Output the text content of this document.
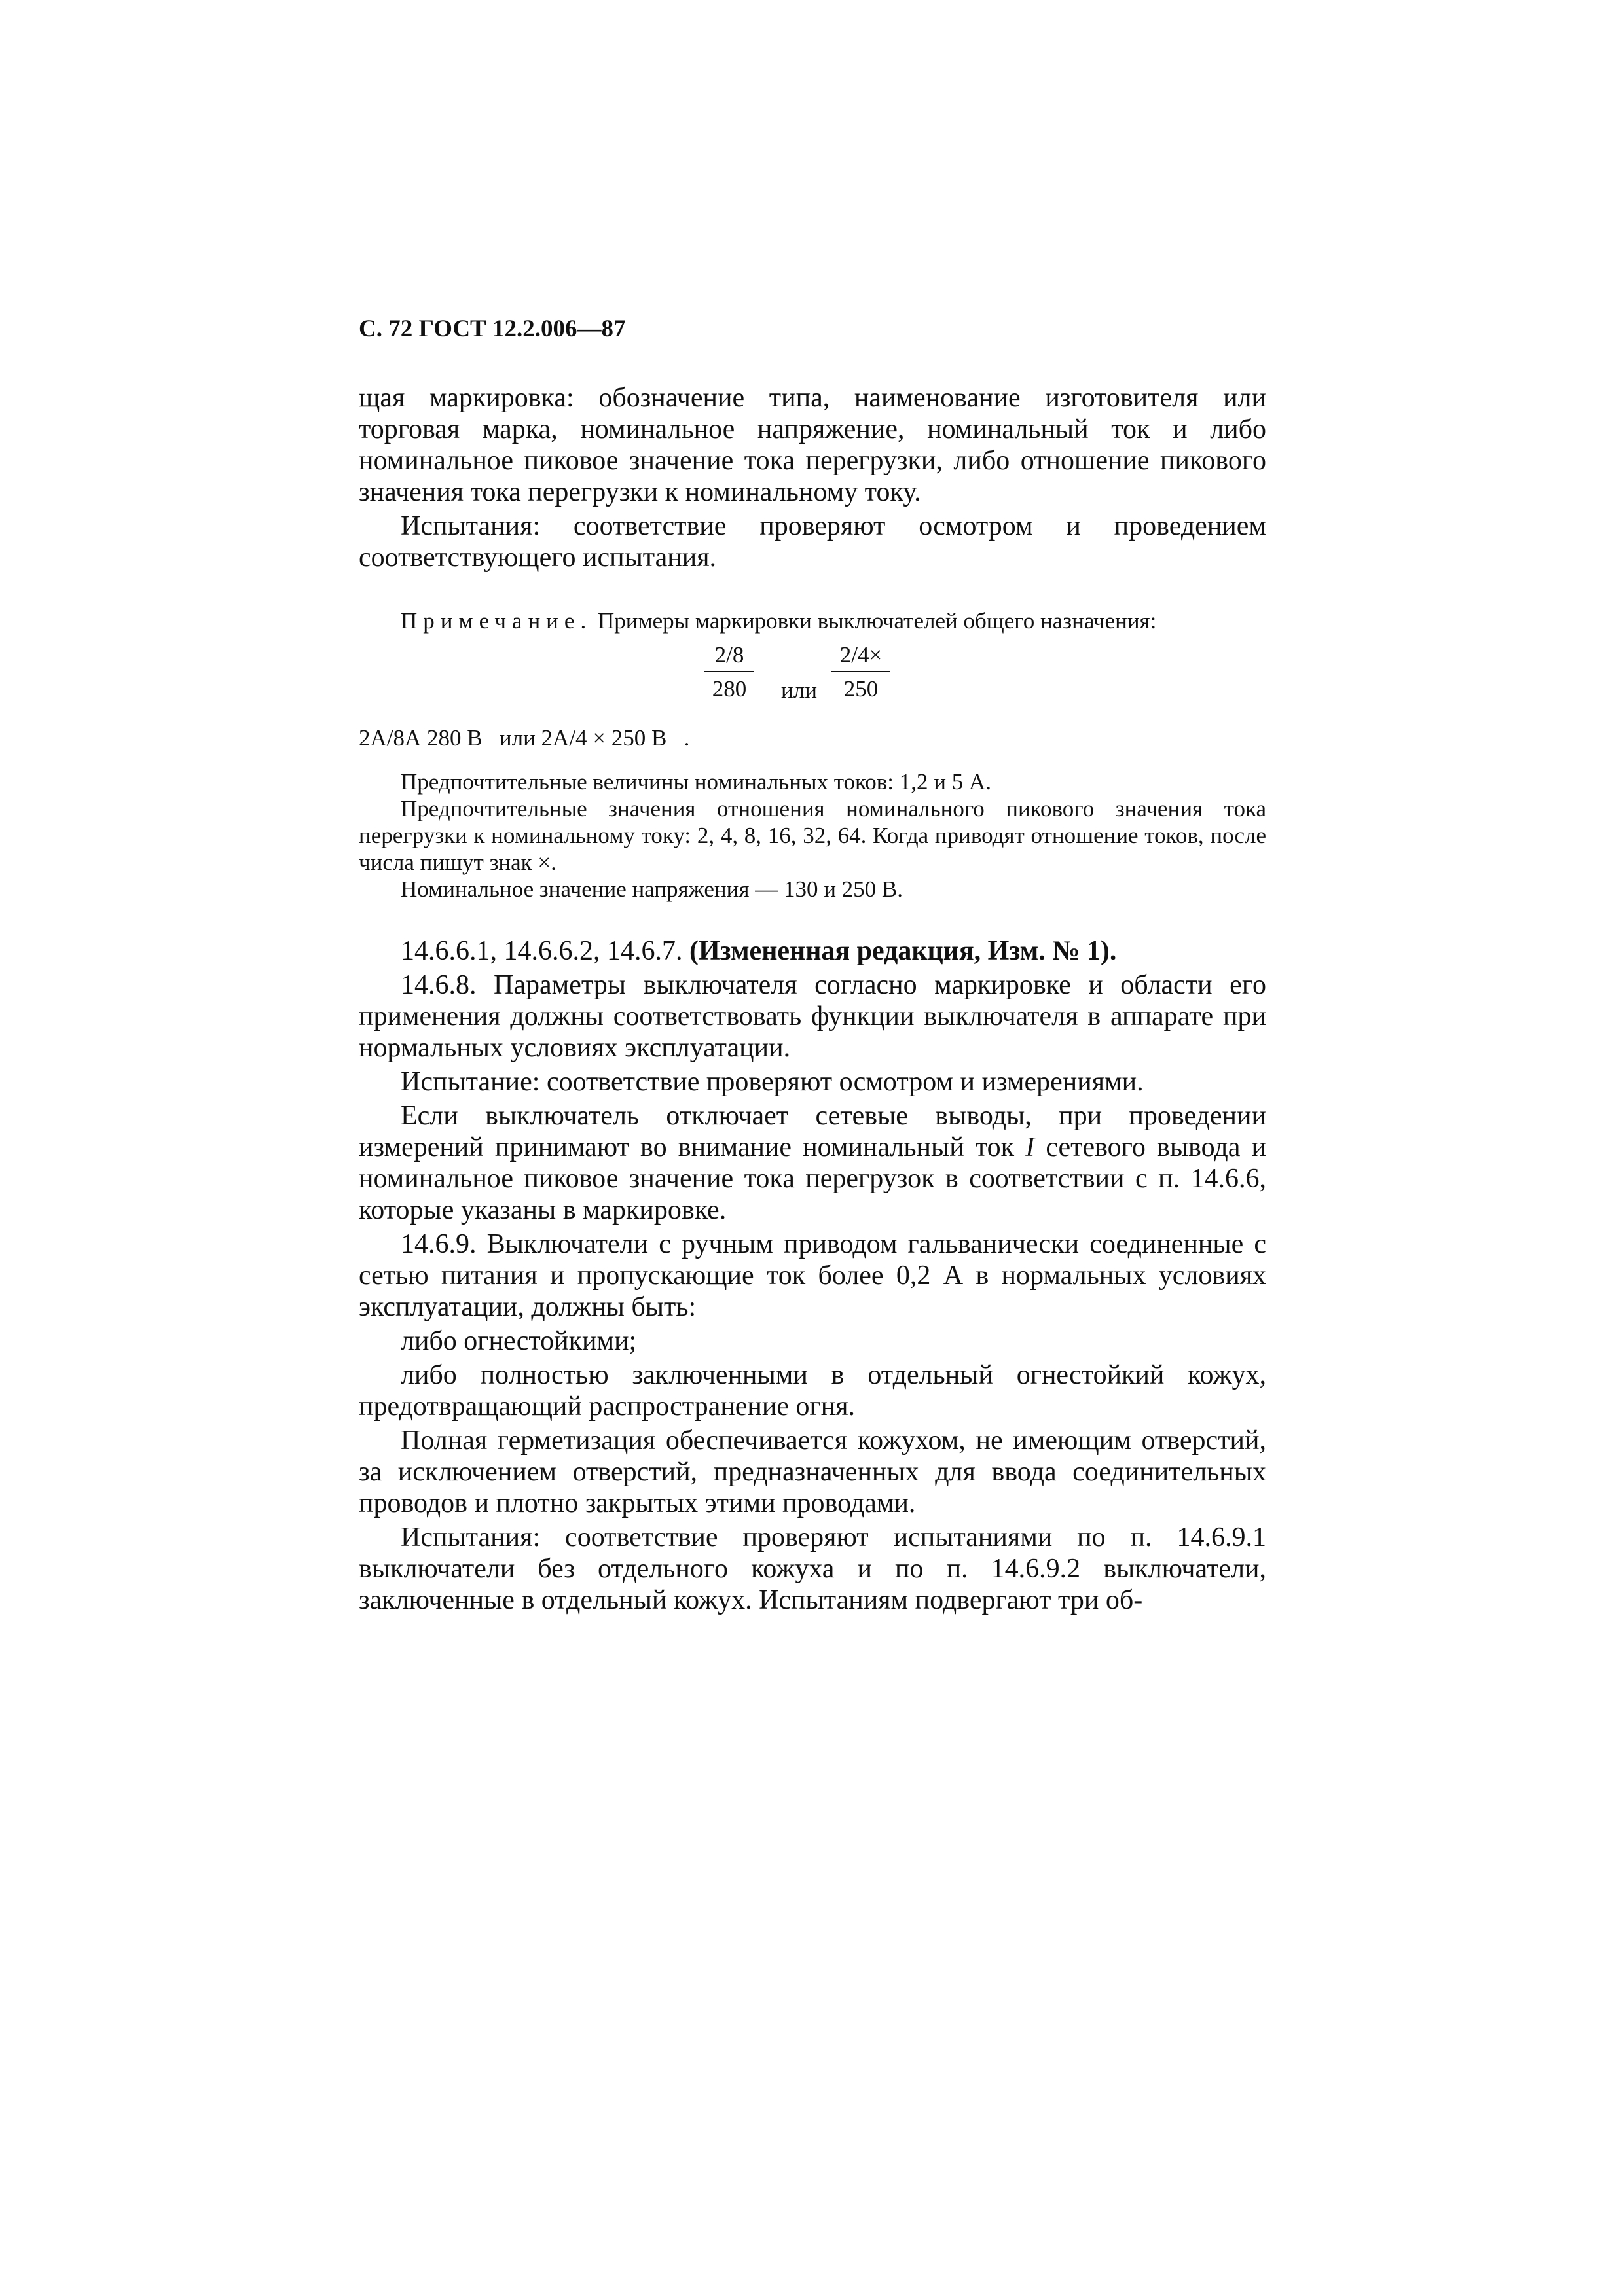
С. 72 ГОСТ 12.2.006—87

щая маркировка: обозначение типа, наименование изготовителя или торговая марка, номинальное напряжение, номинальный ток и либо номинальное пиковое значение тока перегрузки, либо отношение пикового значения тока перегрузки к номинальному току.

Испытания: соответствие проверяют осмотром и проведением соответствующего испытания.

Примечание. Примеры маркировки выключателей общего назначения:

$\frac{2/8}{280}$ или $\frac{2/4\times}{250}$
2А/8А 280 В   или 2А/4 × 250 В   .

Предпочтительные величины номинальных токов: 1,2 и 5 А.

Предпочтительные значения отношения номинального пикового значения тока перегрузки к номинальному току: 2, 4, 8, 16, 32, 64. Когда приводят отношение токов, после числа пишут знак ×.

Номинальное значение напряжения — 130 и 250 В.

14.6.6.1, 14.6.6.2, 14.6.7. (Измененная редакция, Изм. № 1).

14.6.8. Параметры выключателя согласно маркировке и области его применения должны соответствовать функции выключателя в аппарате при нормальных условиях эксплуатации.

Испытание: соответствие проверяют осмотром и измерениями.

Если выключатель отключает сетевые выводы, при проведении измерений принимают во внимание номинальный ток I сетевого вывода и номинальное пиковое значение тока перегрузок в соответствии с п. 14.6.6, которые указаны в маркировке.

14.6.9. Выключатели с ручным приводом гальванически соединенные с сетью питания и пропускающие ток более 0,2 А в нормальных условиях эксплуатации, должны быть:

либо огнестойкими;

либо полностью заключенными в отдельный огнестойкий кожух, предотвращающий распространение огня.

Полная герметизация обеспечивается кожухом, не имеющим отверстий, за исключением отверстий, предназначенных для ввода соединительных проводов и плотно закрытых этими проводами.

Испытания: соответствие проверяют испытаниями по п. 14.6.9.1 выключатели без отдельного кожуха и по п. 14.6.9.2 выключатели, заключенные в отдельный кожух. Испытаниям подвергают три об-
